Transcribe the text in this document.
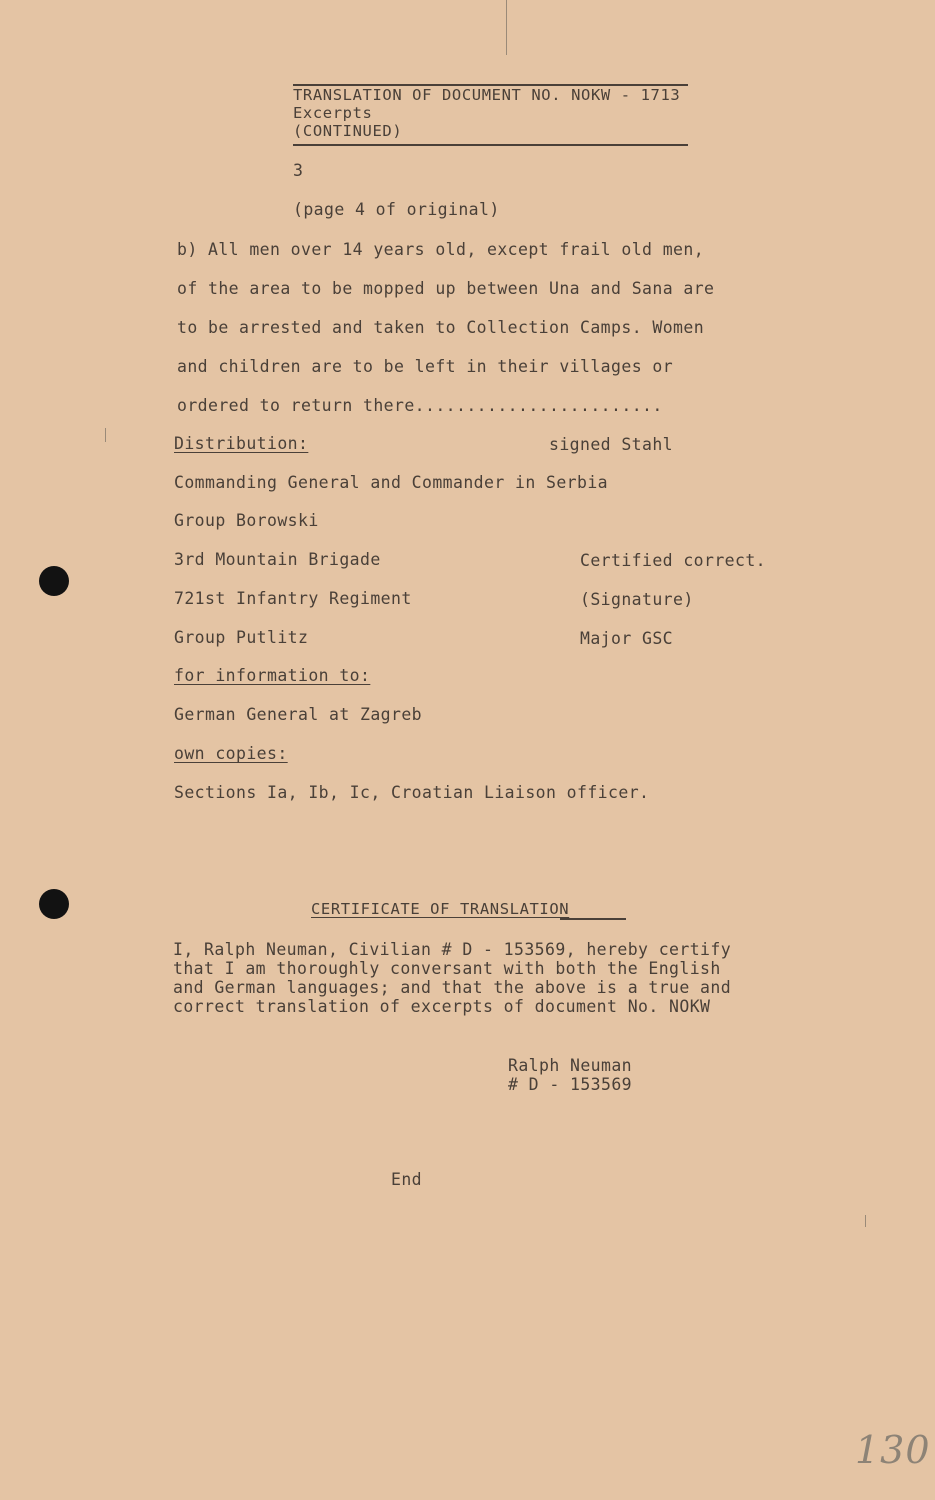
TRANSLATION OF DOCUMENT NO. NOKW - 1713
Excerpts
(CONTINUED)
3
(page 4 of original)
b) All men over 14 years old, except frail old men,
of the area to be mopped up between Una and Sana are
to be arrested and taken to Collection Camps. Women
and children are to be left in their villages or
ordered to return there........................
Distribution:	signed Stahl
Commanding General and Commander in Serbia
Group Borowski
3rd Mountain Brigade
721st Infantry Regiment
Group Putlitz
Certified correct.
(Signature)
Major GSC
for information to:
German General at Zagreb
own copies:
Sections Ia, Ib, Ic, Croatian Liaison officer.
CERTIFICATE OF TRANSLATION
I, Ralph Neuman, Civilian # D - 153569, hereby certify
that I am thoroughly conversant with both the English
and German languages; and that the above is a true and
correct translation of excerpts of document No. NOKW
Ralph Neuman
# D - 153569
End
130
